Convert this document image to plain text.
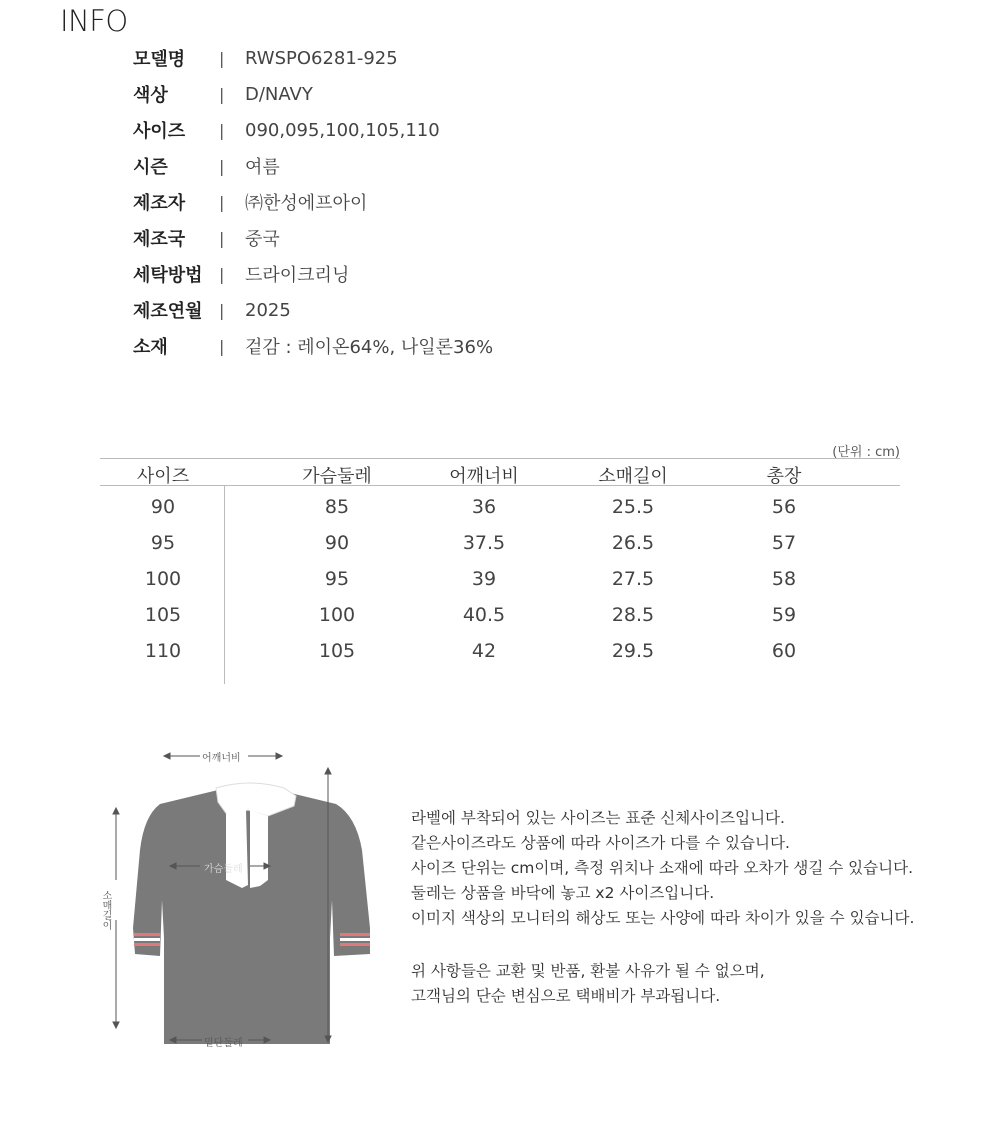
INFO
모델명	|	RWSPO6281-925
색상	|	D/NAVY
사이즈	|	090,095,100,105,110
시즌	|	여름
제조자	|	㈜한성에프아이
제조국	|	중국
세탁방법	|	드라이크리닝
제조연월	|	2025
소재	|	겉감 : 레이온64%, 나일론36%
(단위 : cm)
사이즈	가슴둘레	어깨너비	소매길이	총장
90	85	36	25.5	56
95	90	37.5	26.5	57
100	95	39	27.5	58
105	100	40.5	28.5	59
110	105	42	29.5	60
어깨너비
가슴둘레
소매길이
밑단둘레
라벨에 부착되어 있는 사이즈는 표준 신체사이즈입니다.
같은사이즈라도 상품에 따라 사이즈가 다를 수 있습니다.
사이즈 단위는 cm이며, 측정 위치나 소재에 따라 오차가 생길 수 있습니다.
둘레는 상품을 바닥에 놓고 x2 사이즈입니다.
이미지 색상의 모니터의 해상도 또는 사양에 따라 차이가 있을 수 있습니다.
위 사항들은 교환 및 반품, 환불 사유가 될 수 없으며,
고객님의 단순 변심으로 택배비가 부과됩니다.
